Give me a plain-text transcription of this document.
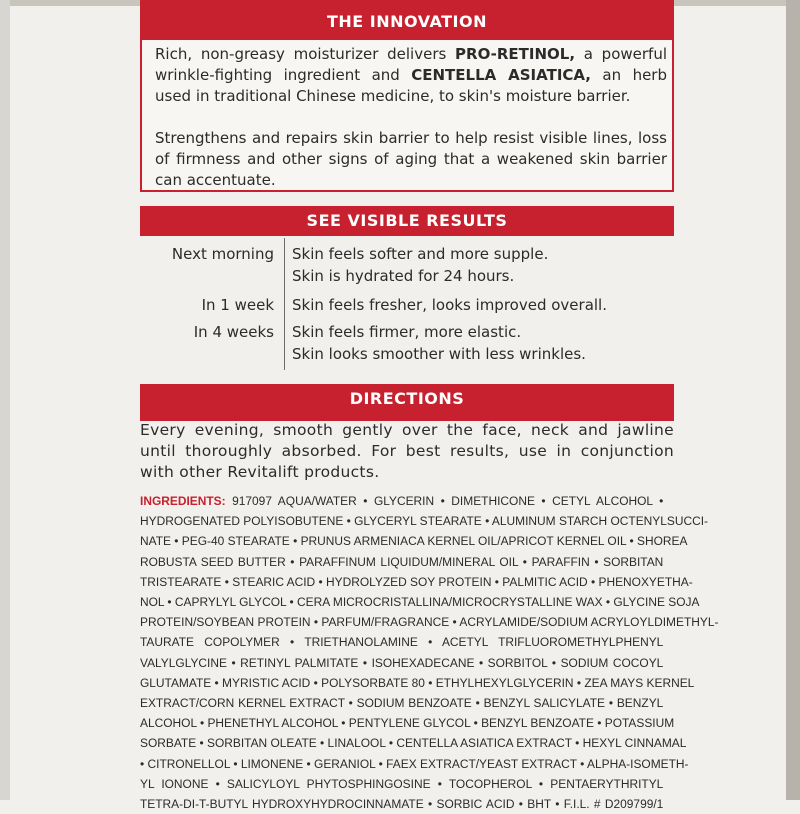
THE INNOVATION
Rich, non-greasy moisturizer delivers PRO-RETINOL, a powerful wrinkle-fighting ingredient and CENTELLA ASIATICA, an herb used in traditional Chinese medicine, to skin's moisture barrier.
Strengthens and repairs skin barrier to help resist visible lines, loss of firmness and other signs of aging that a weakened skin barrier can accentuate.
SEE VISIBLE RESULTS
Next morning Skin feels softer and more supple.
Skin is hydrated for 24 hours.
In 1 week Skin feels fresher, looks improved overall.
In 4 weeks Skin feels firmer, more elastic.
Skin looks smoother with less wrinkles.
DIRECTIONS
Every evening, smooth gently over the face, neck and jawline until thoroughly absorbed. For best results, use in conjunction with other Revitalift products.
INGREDIENTS: 917097 AQUA/WATER • GLYCERIN • DIMETHICONE • CETYL ALCOHOL •
HYDROGENATED POLYISOBUTENE • GLYCERYL STEARATE • ALUMINUM STARCH OCTENYLSUCCI-
NATE • PEG-40 STEARATE • PRUNUS ARMENIACA KERNEL OIL/APRICOT KERNEL OIL • SHOREA
ROBUSTA SEED BUTTER • PARAFFINUM LIQUIDUM/MINERAL OIL • PARAFFIN • SORBITAN
TRISTEARATE • STEARIC ACID • HYDROLYZED SOY PROTEIN • PALMITIC ACID • PHENOXYETHA-
NOL • CAPRYLYL GLYCOL • CERA MICROCRISTALLINA/MICROCRYSTALLINE WAX • GLYCINE SOJA
PROTEIN/SOYBEAN PROTEIN • PARFUM/FRAGRANCE • ACRYLAMIDE/SODIUM ACRYLOYLDIMETHYL-
TAURATE COPOLYMER • TRIETHANOLAMINE • ACETYL TRIFLUOROMETHYLPHENYL
VALYLGLYCINE • RETINYL PALMITATE • ISOHEXADECANE • SORBITOL • SODIUM COCOYL
GLUTAMATE • MYRISTIC ACID • POLYSORBATE 80 • ETHYLHEXYLGLYCERIN • ZEA MAYS KERNEL
EXTRACT/CORN KERNEL EXTRACT • SODIUM BENZOATE • BENZYL SALICYLATE • BENZYL
ALCOHOL • PHENETHYL ALCOHOL • PENTYLENE GLYCOL • BENZYL BENZOATE • POTASSIUM
SORBATE • SORBITAN OLEATE • LINALOOL • CENTELLA ASIATICA EXTRACT • HEXYL CINNAMAL
• CITRONELLOL • LIMONENE • GERANIOL • FAEX EXTRACT/YEAST EXTRACT • ALPHA-ISOMETH-
YL IONONE • SALICYLOYL PHYTOSPHINGOSINE • TOCOPHEROL • PENTAERYTHRITYL
TETRA-DI-T-BUTYL HYDROXYHYDROCINNAMATE • SORBIC ACID • BHT • F.I.L. # D209799/1
